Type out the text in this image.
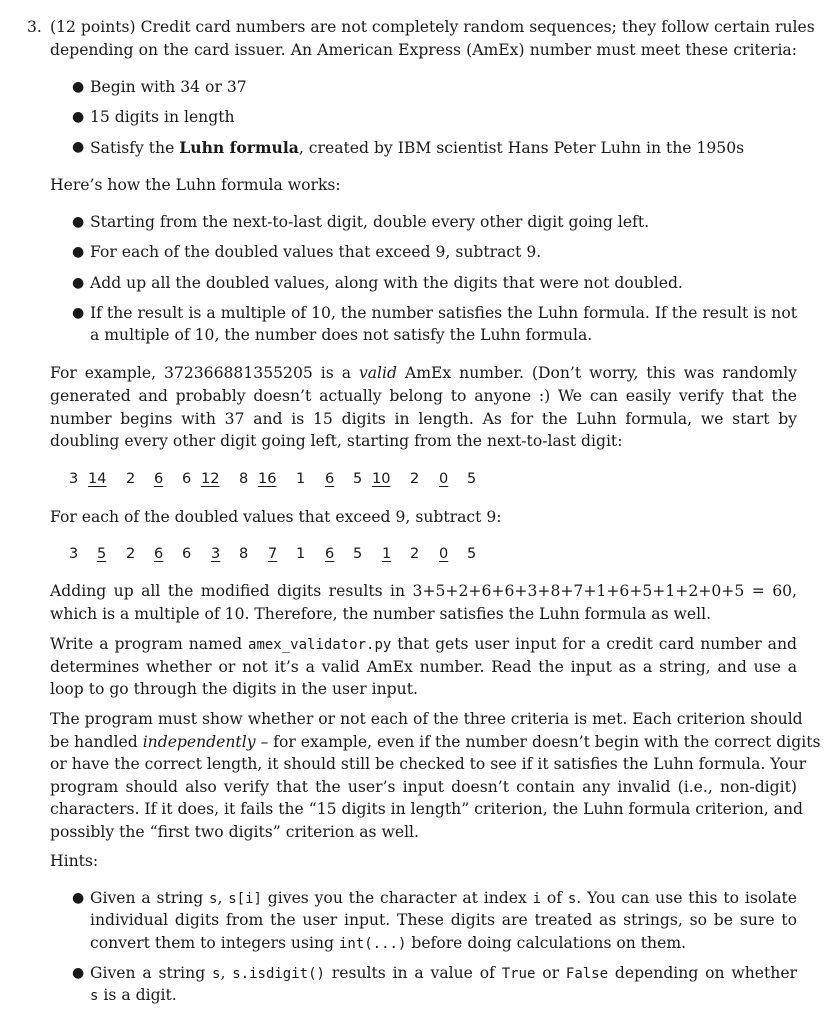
3. (12 points) Credit card numbers are not completely random sequences; they follow certain rules
depending on the card issuer. An American Express (AmEx) number must meet these criteria:
● Begin with 34 or 37
● 15 digits in length
● Satisfy the Luhn formula, created by IBM scientist Hans Peter Luhn in the 1950s
Here’s how the Luhn formula works:
● Starting from the next-to-last digit, double every other digit going left.
● For each of the doubled values that exceed 9, subtract 9.
● Add up all the doubled values, along with the digits that were not doubled.
● If the result is a multiple of 10, the number satisfies the Luhn formula. If the result is not
a multiple of 10, the number does not satisfy the Luhn formula.
For example, 372366881355205 is a valid AmEx number. (Don’t worry, this was randomly
generated and probably doesn’t actually belong to anyone :) We can easily verify that the
number begins with 37 and is 15 digits in length. As for the Luhn formula, we start by
doubling every other digit going left, starting from the next-to-last digit:
3 14 2 6 6 12 8 16 1 6 5 10 2 0 5
For each of the doubled values that exceed 9, subtract 9:
3 5 2 6 6 3 8 7 1 6 5 1 2 0 5
Adding up all the modified digits results in 3+5+2+6+6+3+8+7+1+6+5+1+2+0+5 = 60,
which is a multiple of 10. Therefore, the number satisfies the Luhn formula as well.
Write a program named amex_validator.py that gets user input for a credit card number and
determines whether or not it’s a valid AmEx number. Read the input as a string, and use a
loop to go through the digits in the user input.
The program must show whether or not each of the three criteria is met. Each criterion should
be handled independently – for example, even if the number doesn’t begin with the correct digits
or have the correct length, it should still be checked to see if it satisfies the Luhn formula. Your
program should also verify that the user’s input doesn’t contain any invalid (i.e., non-digit)
characters. If it does, it fails the “15 digits in length” criterion, the Luhn formula criterion, and
possibly the “first two digits” criterion as well.
Hints:
● Given a string s, s[i] gives you the character at index i of s. You can use this to isolate
individual digits from the user input. These digits are treated as strings, so be sure to
convert them to integers using int(...) before doing calculations on them.
● Given a string s, s.isdigit() results in a value of True or False depending on whether
s is a digit.
